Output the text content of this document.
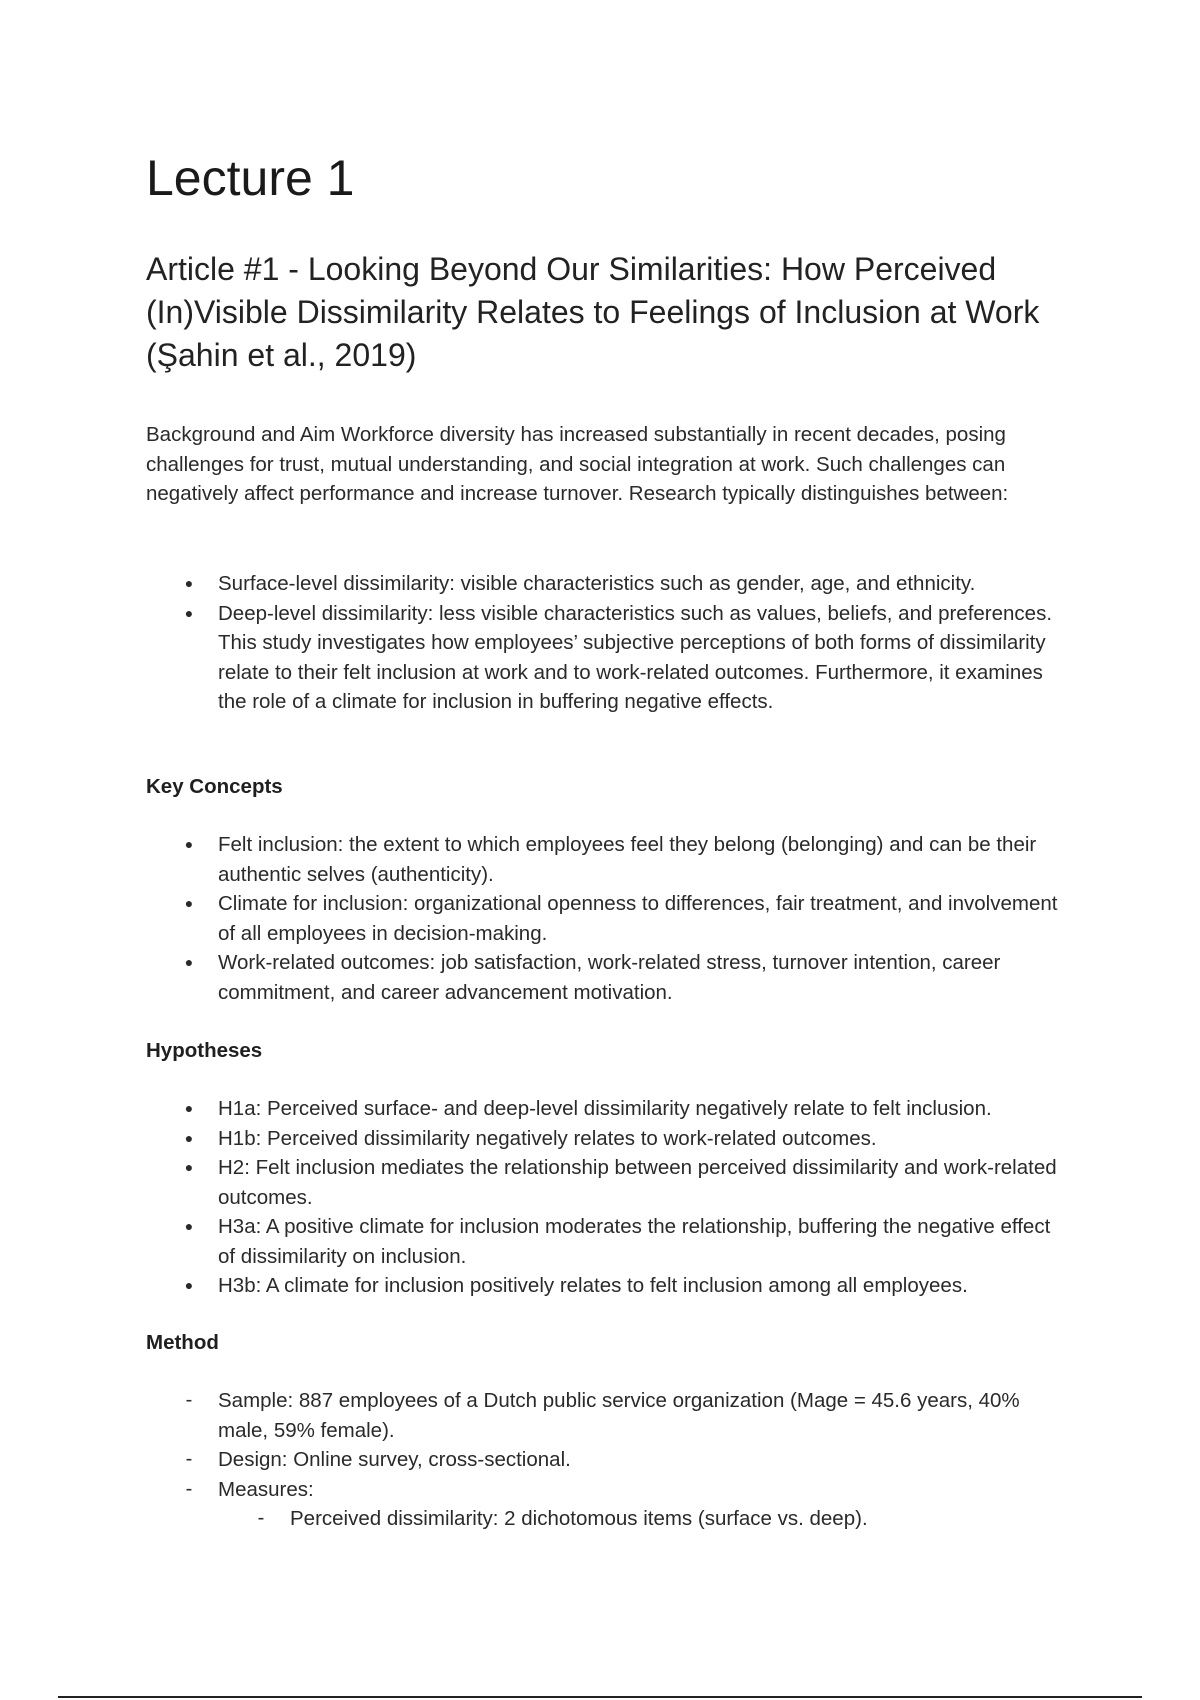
Lecture 1
Article #1 - Looking Beyond Our Similarities: How Perceived (In)Visible Dissimilarity Relates to Feelings of Inclusion at Work (Şahin et al., 2019)

Background and Aim Workforce diversity has increased substantially in recent decades, posing challenges for trust, mutual understanding, and social integration at work. Such challenges can negatively affect performance and increase turnover. Research typically distinguishes between:

● Surface-level dissimilarity: visible characteristics such as gender, age, and ethnicity.
● Deep-level dissimilarity: less visible characteristics such as values, beliefs, and preferences. This study investigates how employees’ subjective perceptions of both forms of dissimilarity relate to their felt inclusion at work and to work-related outcomes. Furthermore, it examines the role of a climate for inclusion in buffering negative effects.
Key Concepts
● Felt inclusion: the extent to which employees feel they belong (belonging) and can be their authentic selves (authenticity).
● Climate for inclusion: organizational openness to differences, fair treatment, and involvement of all employees in decision-making.
● Work-related outcomes: job satisfaction, work-related stress, turnover intention, career commitment, and career advancement motivation.
Hypotheses
● H1a: Perceived surface- and deep-level dissimilarity negatively relate to felt inclusion.
● H1b: Perceived dissimilarity negatively relates to work-related outcomes.
● H2: Felt inclusion mediates the relationship between perceived dissimilarity and work-related outcomes.
● H3a: A positive climate for inclusion moderates the relationship, buffering the negative effect of dissimilarity on inclusion.
● H3b: A climate for inclusion positively relates to felt inclusion among all employees.
Method
- Sample: 887 employees of a Dutch public service organization (Mage = 45.6 years, 40% male, 59% female).
- Design: Online survey, cross-sectional.
- Measures:
- Perceived dissimilarity: 2 dichotomous items (surface vs. deep).
